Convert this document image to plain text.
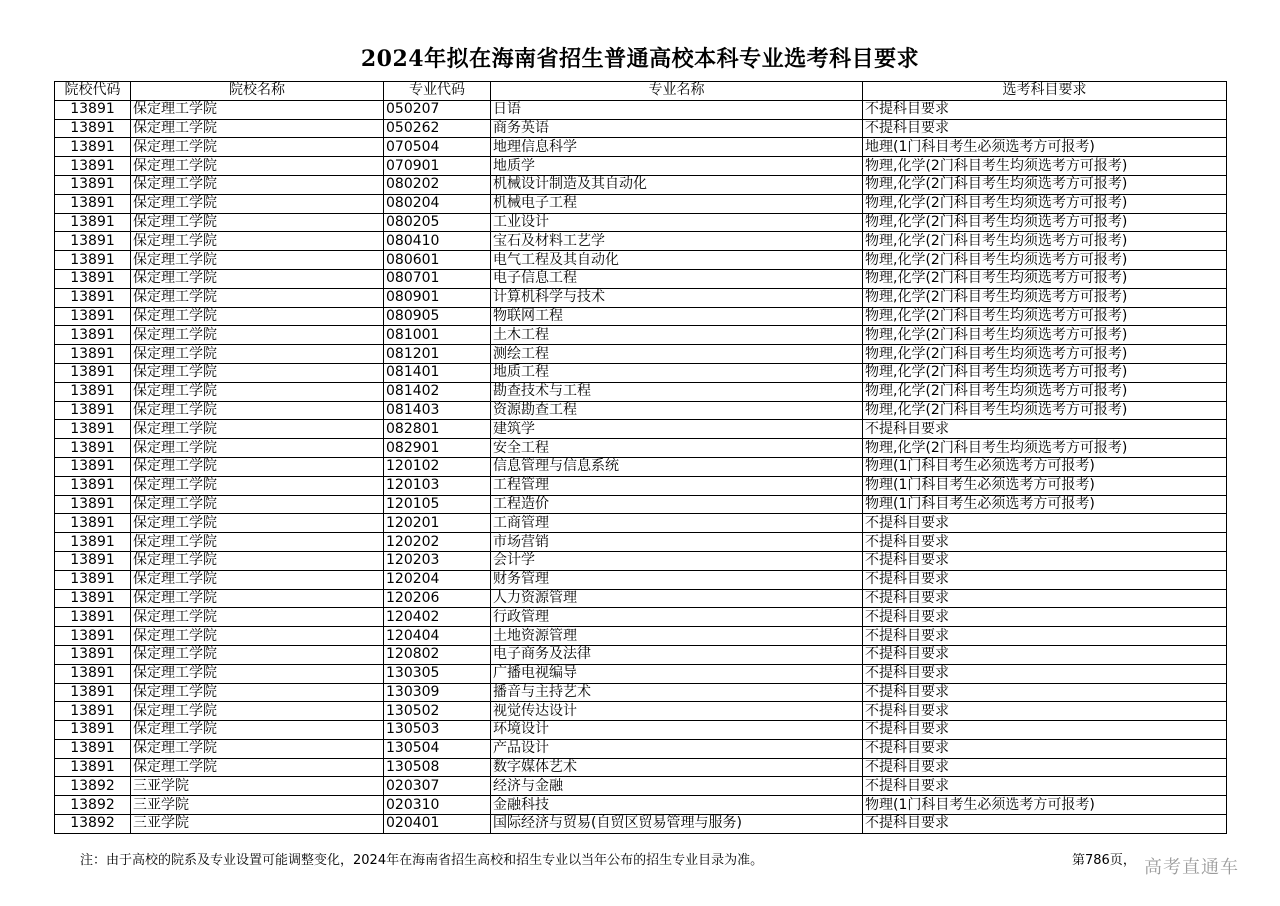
2024年拟在海南省招生普通高校本科专业选考科目要求
院校代码	院校名称	专业代码	专业名称	选考科目要求
13891	保定理工学院	050207	日语	不提科目要求
13891	保定理工学院	050262	商务英语	不提科目要求
13891	保定理工学院	070504	地理信息科学	地理(1门科目考生必须选考方可报考)
13891	保定理工学院	070901	地质学	物理,化学(2门科目考生均须选考方可报考)
13891	保定理工学院	080202	机械设计制造及其自动化	物理,化学(2门科目考生均须选考方可报考)
13891	保定理工学院	080204	机械电子工程	物理,化学(2门科目考生均须选考方可报考)
13891	保定理工学院	080205	工业设计	物理,化学(2门科目考生均须选考方可报考)
13891	保定理工学院	080410	宝石及材料工艺学	物理,化学(2门科目考生均须选考方可报考)
13891	保定理工学院	080601	电气工程及其自动化	物理,化学(2门科目考生均须选考方可报考)
13891	保定理工学院	080701	电子信息工程	物理,化学(2门科目考生均须选考方可报考)
13891	保定理工学院	080901	计算机科学与技术	物理,化学(2门科目考生均须选考方可报考)
13891	保定理工学院	080905	物联网工程	物理,化学(2门科目考生均须选考方可报考)
13891	保定理工学院	081001	土木工程	物理,化学(2门科目考生均须选考方可报考)
13891	保定理工学院	081201	测绘工程	物理,化学(2门科目考生均须选考方可报考)
13891	保定理工学院	081401	地质工程	物理,化学(2门科目考生均须选考方可报考)
13891	保定理工学院	081402	勘查技术与工程	物理,化学(2门科目考生均须选考方可报考)
13891	保定理工学院	081403	资源勘查工程	物理,化学(2门科目考生均须选考方可报考)
13891	保定理工学院	082801	建筑学	不提科目要求
13891	保定理工学院	082901	安全工程	物理,化学(2门科目考生均须选考方可报考)
13891	保定理工学院	120102	信息管理与信息系统	物理(1门科目考生必须选考方可报考)
13891	保定理工学院	120103	工程管理	物理(1门科目考生必须选考方可报考)
13891	保定理工学院	120105	工程造价	物理(1门科目考生必须选考方可报考)
13891	保定理工学院	120201	工商管理	不提科目要求
13891	保定理工学院	120202	市场营销	不提科目要求
13891	保定理工学院	120203	会计学	不提科目要求
13891	保定理工学院	120204	财务管理	不提科目要求
13891	保定理工学院	120206	人力资源管理	不提科目要求
13891	保定理工学院	120402	行政管理	不提科目要求
13891	保定理工学院	120404	土地资源管理	不提科目要求
13891	保定理工学院	120802	电子商务及法律	不提科目要求
13891	保定理工学院	130305	广播电视编导	不提科目要求
13891	保定理工学院	130309	播音与主持艺术	不提科目要求
13891	保定理工学院	130502	视觉传达设计	不提科目要求
13891	保定理工学院	130503	环境设计	不提科目要求
13891	保定理工学院	130504	产品设计	不提科目要求
13891	保定理工学院	130508	数字媒体艺术	不提科目要求
13892	三亚学院	020307	经济与金融	不提科目要求
13892	三亚学院	020310	金融科技	物理(1门科目考生必须选考方可报考)
13892	三亚学院	020401	国际经济与贸易(自贸区贸易管理与服务)	不提科目要求
注：由于高校的院系及专业设置可能调整变化，2024年在海南省招生高校和招生专业以当年公布的招生专业目录为准。	第786页， 高考直通车
